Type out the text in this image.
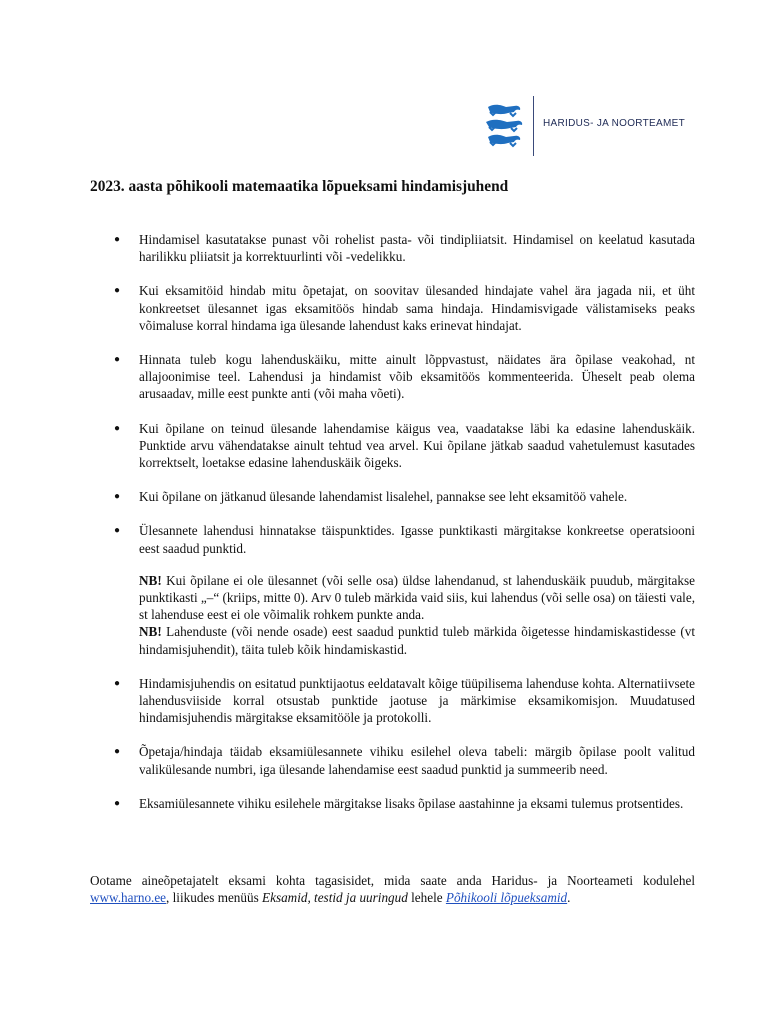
HARIDUS- JA NOORTEAMET
2023. aasta põhikooli matemaatika lõpueksami hindamisjuhend
● Hindamisel kasutatakse punast või rohelist pasta- või tindipliiatsit. Hindamisel on keelatud kasutada harilikku pliiatsit ja korrektuurlinti või -vedelikku.

● Kui eksamitöid hindab mitu õpetajat, on soovitav ülesanded hindajate vahel ära jagada nii, et üht konkreetset ülesannet igas eksamitöös hindab sama hindaja. Hindamisvigade välistamiseks peaks võimaluse korral hindama iga ülesande lahendust kaks erinevat hindajat.

● Hinnata tuleb kogu lahenduskäiku, mitte ainult lõppvastust, näidates ära õpilase veakohad, nt allajoonimise teel. Lahendusi ja hindamist võib eksamitöös kommenteerida. Üheselt peab olema arusaadav, mille eest punkte anti (või maha võeti).

● Kui õpilane on teinud ülesande lahendamise käigus vea, vaadatakse läbi ka edasine lahenduskäik. Punktide arvu vähendatakse ainult tehtud vea arvel. Kui õpilane jätkab saadud vahetulemust kasutades korrektselt, loetakse edasine lahenduskäik õigeks.

● Kui õpilane on jätkanud ülesande lahendamist lisalehel, pannakse see leht eksamitöö vahele.

● Ülesannete lahendusi hinnatakse täispunktides. Igasse punktikasti märgitakse konkreetse operatsiooni eest saadud punktid.

NB! Kui õpilane ei ole ülesannet (või selle osa) üldse lahendanud, st lahenduskäik puudub, märgitakse punktikasti „–“ (kriips, mitte 0). Arv 0 tuleb märkida vaid siis, kui lahendus (või selle osa) on täiesti vale, st lahenduse eest ei ole võimalik rohkem punkte anda.
NB! Lahenduste (või nende osade) eest saadud punktid tuleb märkida õigetesse hindamiskastidesse (vt hindamisjuhendit), täita tuleb kõik hindamiskastid.

● Hindamisjuhendis on esitatud punktijaotus eeldatavalt kõige tüüpilisema lahenduse kohta. Alternatiivsete lahendusviiside korral otsustab punktide jaotuse ja märkimise eksamikomisjon. Muudatused hindamisjuhendis märgitakse eksamitööle ja protokolli.

● Õpetaja/hindaja täidab eksamiülesannete vihiku esilehel oleva tabeli: märgib õpilase poolt valitud valikülesande numbri, iga ülesande lahendamise eest saadud punktid ja summeerib need.

● Eksamiülesannete vihiku esilehele märgitakse lisaks õpilase aastahinne ja eksami tulemus protsentides.

Ootame aineõpetajatelt eksami kohta tagasisidet, mida saate anda Haridus- ja Noorteameti kodulehel www.harno.ee, liikudes menüüs Eksamid, testid ja uuringud lehele Põhikooli lõpueksamid.
